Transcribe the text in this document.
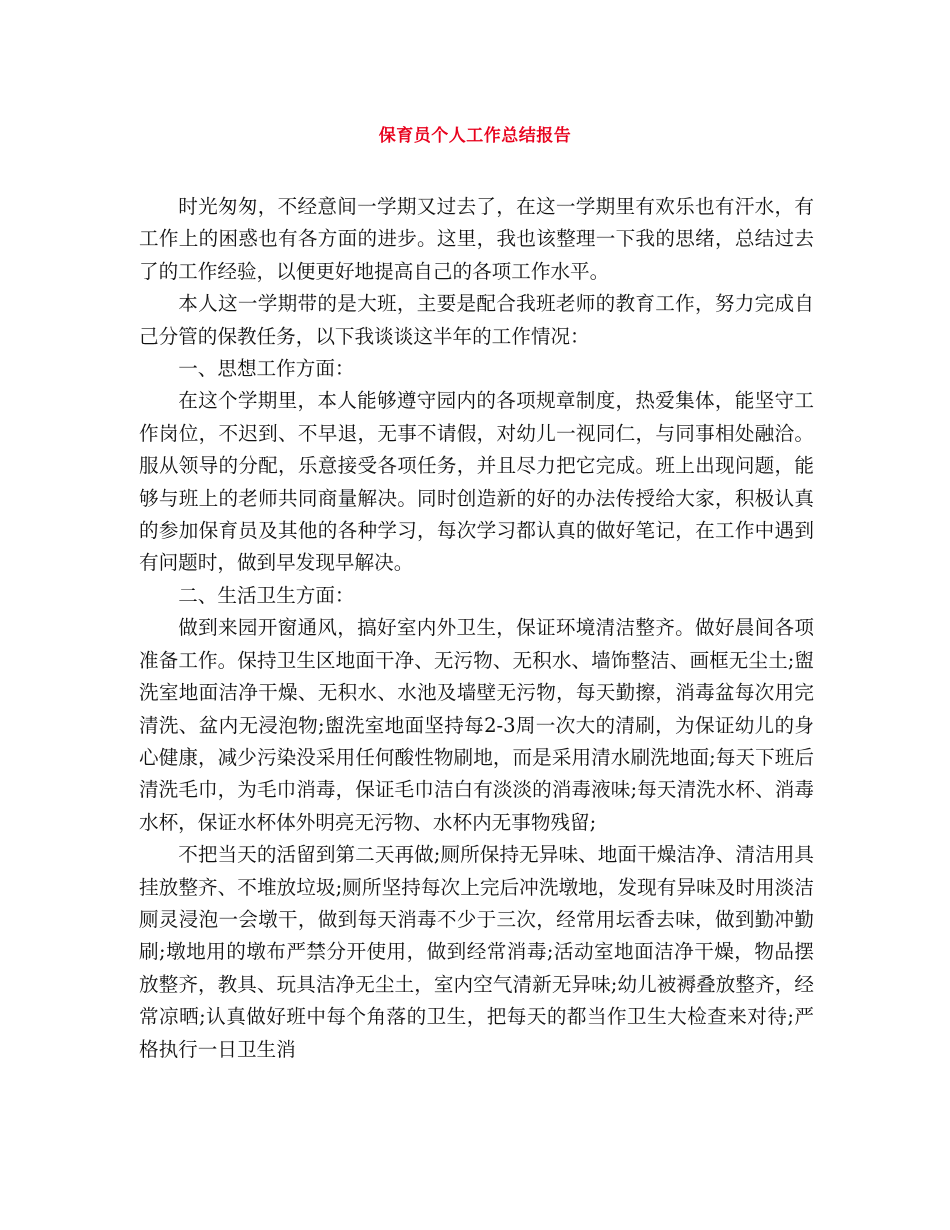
保育员个人工作总结报告

时光匆匆，不经意间一学期又过去了，在这一学期里有欢乐也有汗水，有工作上的困惑也有各方面的进步。这里，我也该整理一下我的思绪，总结过去了的工作经验，以便更好地提高自己的各项工作水平。

本人这一学期带的是大班，主要是配合我班老师的教育工作，努力完成自己分管的保教任务，以下我谈谈这半年的工作情况：

一、思想工作方面：

在这个学期里，本人能够遵守园内的各项规章制度，热爱集体，能坚守工作岗位，不迟到、不早退，无事不请假，对幼儿一视同仁，与同事相处融洽。服从领导的分配，乐意接受各项任务，并且尽力把它完成。班上出现问题，能够与班上的老师共同商量解决。同时创造新的好的办法传授给大家，积极认真的参加保育员及其他的各种学习，每次学习都认真的做好笔记，在工作中遇到有问题时，做到早发现早解决。

二、生活卫生方面：

做到来园开窗通风，搞好室内外卫生，保证环境清洁整齐。做好晨间各项准备工作。保持卫生区地面干净、无污物、无积水、墙饰整洁、画框无尘土;盥洗室地面洁净干燥、无积水、水池及墙壁无污物，每天勤擦，消毒盆每次用完清洗、盆内无浸泡物;盥洗室地面坚持每2-3周一次大的清刷，为保证幼儿的身心健康，减少污染没采用任何酸性物刷地，而是采用清水刷洗地面;每天下班后清洗毛巾，为毛巾消毒，保证毛巾洁白有淡淡的消毒液味;每天清洗水杯、消毒水杯，保证水杯体外明亮无污物、水杯内无事物残留;

不把当天的活留到第二天再做;厕所保持无异味、地面干燥洁净、清洁用具挂放整齐、不堆放垃圾;厕所坚持每次上完后冲洗墩地，发现有异味及时用淡洁厕灵浸泡一会墩干，做到每天消毒不少于三次，经常用坛香去味，做到勤冲勤刷;墩地用的墩布严禁分开使用，做到经常消毒;活动室地面洁净干燥，物品摆放整齐，教具、玩具洁净无尘土，室内空气清新无异味;幼儿被褥叠放整齐，经常凉晒;认真做好班中每个角落的卫生，把每天的都当作卫生大检查来对待;严格执行一日卫生消
